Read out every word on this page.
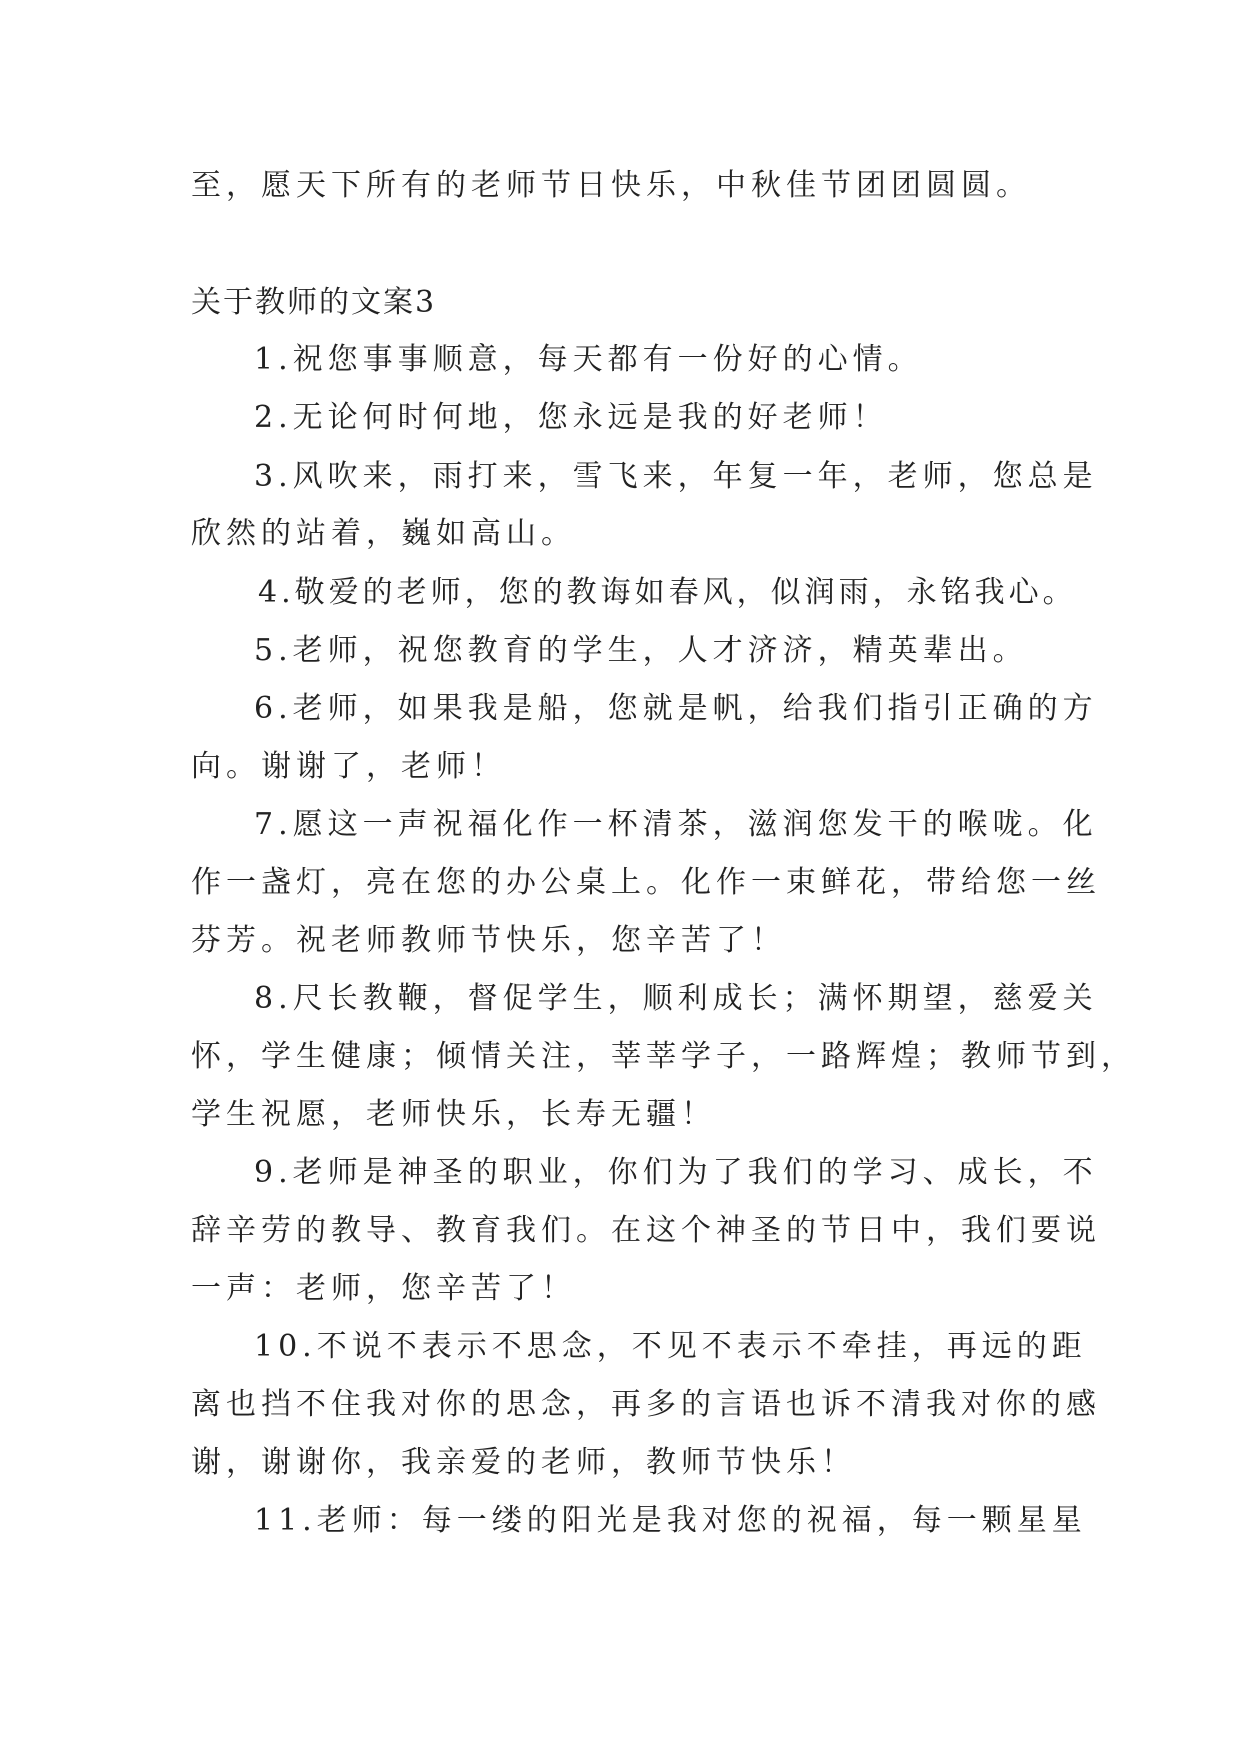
至，愿天下所有的老师节日快乐，中秋佳节团团圆圆。
关于教师的文案3
1.祝您事事顺意，每天都有一份好的心情。
2.无论何时何地，您永远是我的好老师！
3.风吹来，雨打来，雪飞来，年复一年，老师，您总是
欣然的站着，巍如高山。
4.敬爱的老师，您的教诲如春风，似润雨，永铭我心。
5.老师，祝您教育的学生，人才济济，精英辈出。
6.老师，如果我是船，您就是帆，给我们指引正确的方
向。谢谢了，老师！
7.愿这一声祝福化作一杯清茶，滋润您发干的喉咙。化
作一盏灯，亮在您的办公桌上。化作一束鲜花，带给您一丝
芬芳。祝老师教师节快乐，您辛苦了！
8.尺长教鞭，督促学生，顺利成长；满怀期望，慈爱关
怀，学生健康；倾情关注，莘莘学子，一路辉煌；教师节到，
学生祝愿，老师快乐，长寿无疆！
9.老师是神圣的职业，你们为了我们的学习、成长，不
辞辛劳的教导、教育我们。在这个神圣的节日中，我们要说
一声：老师，您辛苦了！
10.不说不表示不思念，不见不表示不牵挂，再远的距
离也挡不住我对你的思念，再多的言语也诉不清我对你的感
谢，谢谢你，我亲爱的老师，教师节快乐！
11.老师：每一缕的阳光是我对您的祝福，每一颗星星
